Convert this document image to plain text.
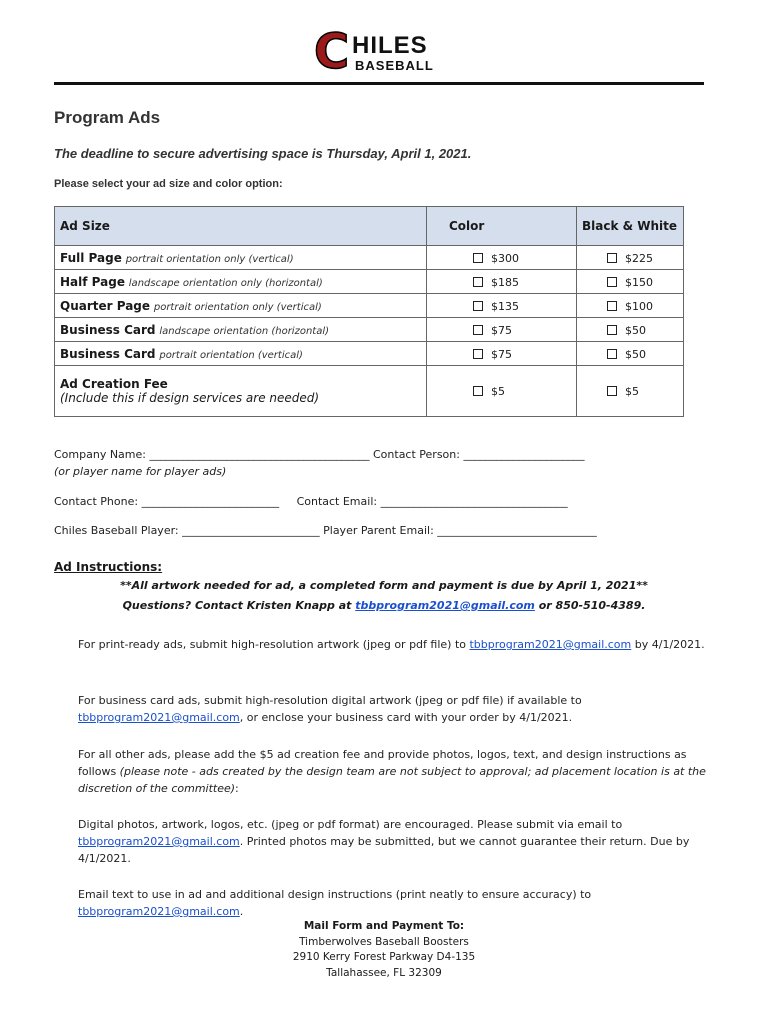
C HILES
BASEBALL
Program Ads
The deadline to secure advertising space is Thursday, April 1, 2021.
Please select your ad size and color option:
Ad Size	Color	Black & White
Full Page portrait orientation only (vertical)	$300	$225
Half Page landscape orientation only (horizontal)	$185	$150
Quarter Page portrait orientation only (vertical)	$135	$100
Business Card landscape orientation (horizontal)	$75	$50
Business Card portrait orientation (vertical)	$75	$50

Ad Creation Fee
(Include this if design services are needed)	$5	$5
Company Name: ________________________________________ Contact Person: ______________________
(or player name for player ads)
Contact Phone: _________________________ Contact Email: __________________________________
Chiles Baseball Player: _________________________ Player Parent Email: _____________________________
Ad Instructions:
**All artwork needed for ad, a completed form and payment is due by April 1, 2021**
Questions? Contact Kristen Knapp at tbbprogram2021@gmail.com or 850-510-4389.
For print-ready ads, submit high-resolution artwork (jpeg or pdf file) to tbbprogram2021@gmail.com by 4/1/2021.
For business card ads, submit high-resolution digital artwork (jpeg or pdf file) if available to tbbprogram2021@gmail.com, or enclose your business card with your order by 4/1/2021.
For all other ads, please add the $5 ad creation fee and provide photos, logos, text, and design instructions as follows (please note - ads created by the design team are not subject to approval; ad placement location is at the discretion of the committee):
Digital photos, artwork, logos, etc. (jpeg or pdf format) are encouraged. Please submit via email to tbbprogram2021@gmail.com. Printed photos may be submitted, but we cannot guarantee their return. Due by 4/1/2021.
Email text to use in ad and additional design instructions (print neatly to ensure accuracy) to tbbprogram2021@gmail.com.
Mail Form and Payment To:
Timberwolves Baseball Boosters
2910 Kerry Forest Parkway D4-135
Tallahassee, FL 32309
